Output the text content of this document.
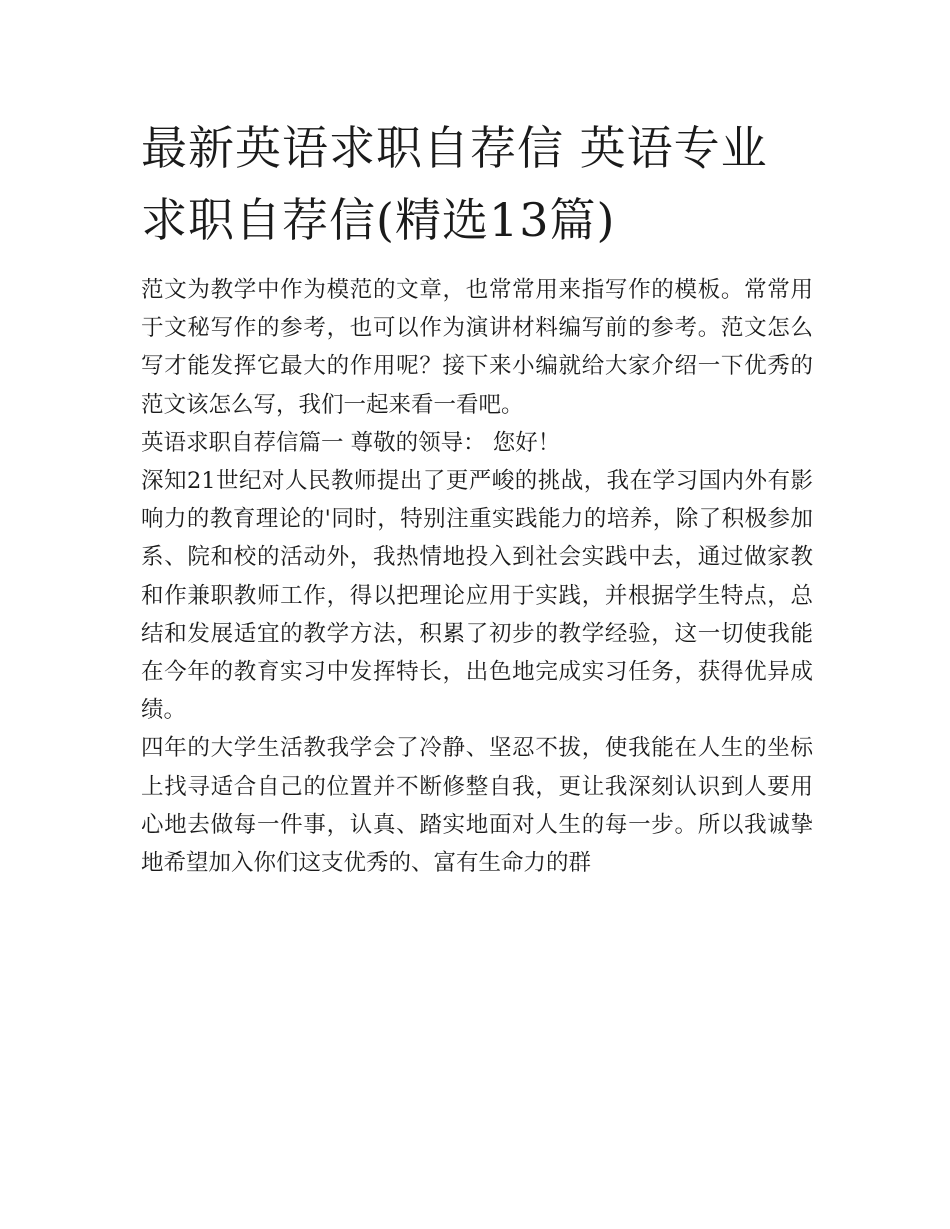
最新英语求职自荐信 英语专业求职自荐信(精选13篇)

范文为教学中作为模范的文章，也常常用来指写作的模板。常常用于文秘写作的参考，也可以作为演讲材料编写前的参考。范文怎么写才能发挥它最大的作用呢？接下来小编就给大家介绍一下优秀的范文该怎么写，我们一起来看一看吧。

英语求职自荐信篇一 尊敬的领导： 您好！

深知21世纪对人民教师提出了更严峻的挑战，我在学习国内外有影响力的教育理论的'同时，特别注重实践能力的培养，除了积极参加系、院和校的活动外，我热情地投入到社会实践中去，通过做家教和作兼职教师工作，得以把理论应用于实践，并根据学生特点，总结和发展适宜的教学方法，积累了初步的教学经验，这一切使我能在今年的教育实习中发挥特长，出色地完成实习任务，获得优异成绩。

四年的大学生活教我学会了冷静、坚忍不拔，使我能在人生的坐标上找寻适合自己的位置并不断修整自我，更让我深刻认识到人要用心地去做每一件事，认真、踏实地面对人生的每一步。所以我诚挚地希望加入你们这支优秀的、富有生命力的群
